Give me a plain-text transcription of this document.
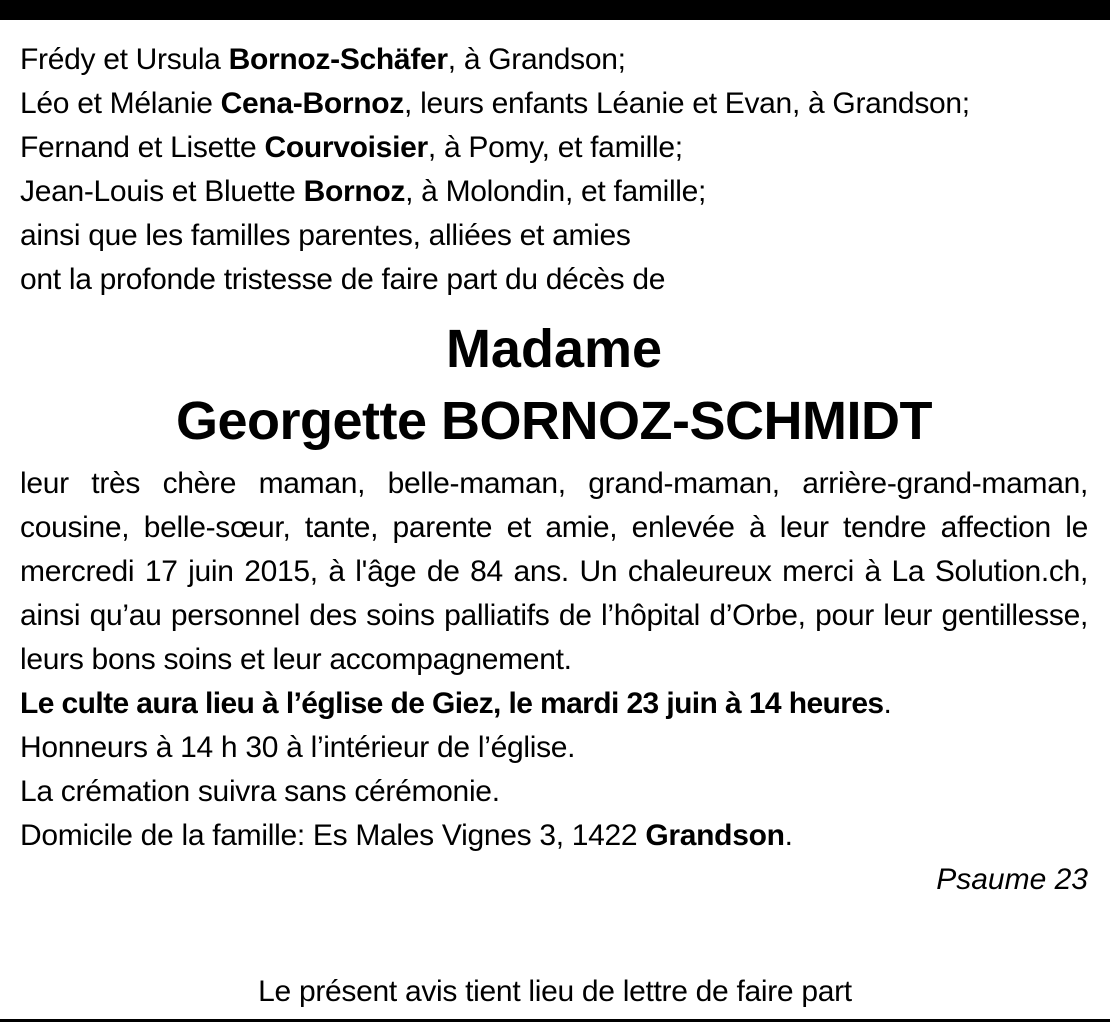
Frédy et Ursula Bornoz-Schäfer, à Grandson;

Léo et Mélanie Cena-Bornoz, leurs enfants Léanie et Evan, à Grandson;

Fernand et Lisette Courvoisier, à Pomy, et famille;

Jean-Louis et Bluette Bornoz, à Molondin, et famille;

ainsi que les familles parentes, alliées et amies

ont la profonde tristesse de faire part du décès de

Madame

Georgette BORNOZ-SCHMIDT

leur très chère maman, belle-maman, grand-maman, arrière-grand-maman, cousine, belle-sœur, tante, parente et amie, enlevée à leur tendre affection le mercredi 17 juin 2015, à l'âge de 84 ans. Un chaleureux merci à La Solution.ch, ainsi qu’au personnel des soins palliatifs de l’hôpital d’Orbe, pour leur gentillesse, leurs bons soins et leur accompagnement.

Le culte aura lieu à l’église de Giez, le mardi 23 juin à 14 heures.

Honneurs à 14 h 30 à l’intérieur de l’église.

La crémation suivra sans cérémonie.

Domicile de la famille: Es Males Vignes 3, 1422 Grandson.

Psaume 23

Le présent avis tient lieu de lettre de faire part
